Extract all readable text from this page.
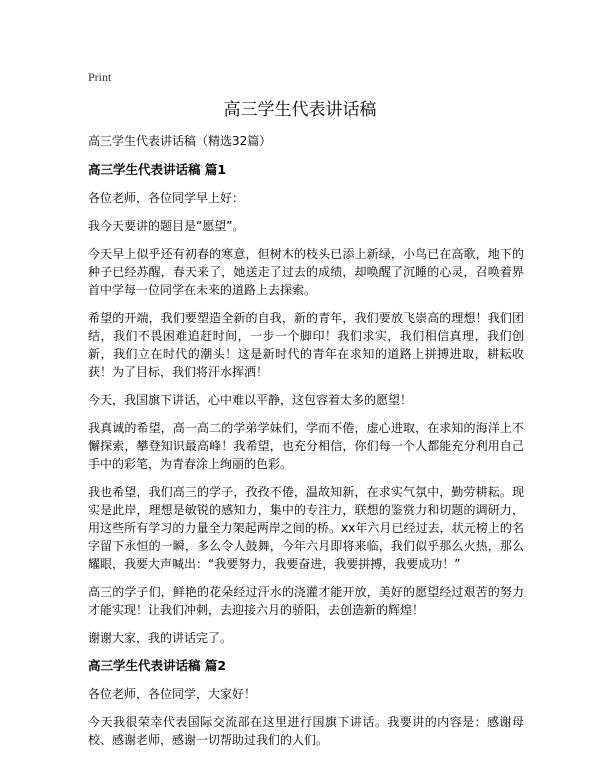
Print
高三学生代表讲话稿

高三学生代表讲话稿（精选32篇）

高三学生代表讲话稿 篇1

各位老师，各位同学早上好：

我今天要讲的题目是“愿望”。

今天早上似乎还有初春的寒意，但树木的枝头已添上新绿，小鸟已在高歌，地下的种子已经苏醒，春天来了，她送走了过去的成绩，却唤醒了沉睡的心灵，召唤着界首中学每一位同学在未来的道路上去探索。

希望的开端，我们要塑造全新的自我，新的青年，我们要放飞崇高的理想！我们团结，我们不畏困难追赶时间，一步一个脚印！我们求实，我们相信真理，我们创新，我们立在时代的潮头！这是新时代的青年在求知的道路上拼搏进取，耕耘收获！为了目标，我们将汗水挥洒！

今天，我国旗下讲话，心中难以平静，这包容着太多的愿望！

我真诚的希望，高一高二的学弟学妹们，学而不倦，虚心进取，在求知的海洋上不懈探索，攀登知识最高峰！我希望，也充分相信，你们每一个人都能充分利用自己手中的彩笔，为青春涂上绚丽的色彩。

我也希望，我们高三的学子，孜孜不倦，温故知新，在求实气氛中，勤劳耕耘。现实是此岸，理想是敏锐的感知力，集中的专注力，联想的鉴赏力和切题的调研力，用这些所有学习的力量全力架起两岸之间的桥。xx年六月已经过去，状元榜上的名字留下永恒的一瞬，多么令人鼓舞，今年六月即将来临，我们似乎那么火热，那么耀眼，我要大声喊出：“我要努力，我要奋进，我要拼搏，我要成功！”

高三的学子们，鲜艳的花朵经过汗水的浇灌才能开放，美好的愿望经过艰苦的努力才能实现！让我们冲刺，去迎接六月的骄阳，去创造新的辉煌！

谢谢大家，我的讲话完了。

高三学生代表讲话稿 篇2

各位老师，各位同学，大家好！

今天我很荣幸代表国际交流部在这里进行国旗下讲话。我要讲的内容是：感谢母校、感谢老师，感谢一切帮助过我们的人们。
